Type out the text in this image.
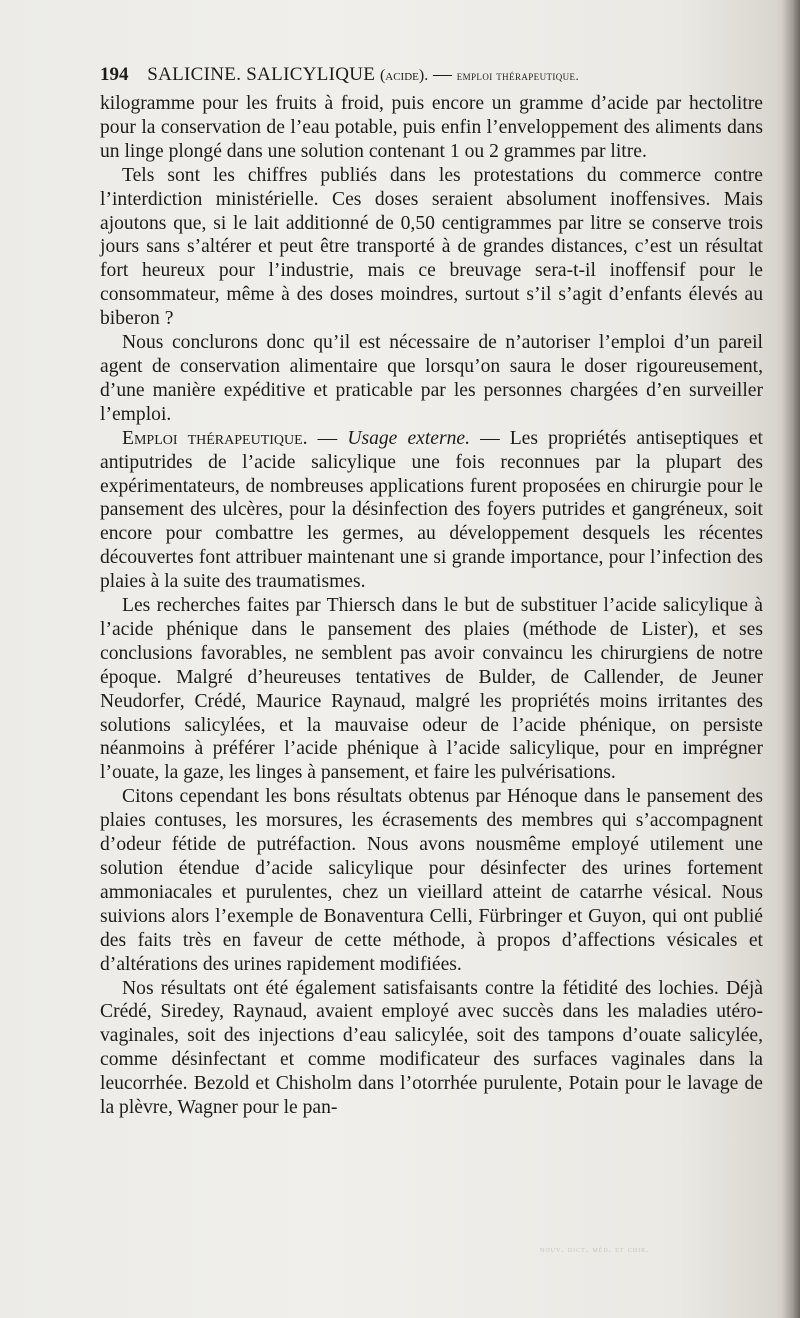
194 SALICINE. SALICYLIQUE (acide). — emploi thérapeutique.

kilogramme pour les fruits à froid, puis encore un gramme d’acide par hectolitre pour la conservation de l’eau potable, puis enfin l’enveloppement des aliments dans un linge plongé dans une solution contenant 1 ou 2 grammes par litre.

Tels sont les chiffres publiés dans les protestations du commerce contre l’interdiction ministérielle. Ces doses seraient absolument inoffensives. Mais ajoutons que, si le lait additionné de 0,50 centigrammes par litre se conserve trois jours sans s’altérer et peut être transporté à de grandes distances, c’est un résultat fort heureux pour l’industrie, mais ce breuvage sera-t-il inoffensif pour le consommateur, même à des doses moindres, surtout s’il s’agit d’enfants élevés au biberon ?

Nous conclurons donc qu’il est nécessaire de n’autoriser l’emploi d’un pareil agent de conservation alimentaire que lorsqu’on saura le doser rigoureusement, d’une manière expéditive et praticable par les personnes chargées d’en surveiller l’emploi.

Emploi thérapeutique. — Usage externe. — Les propriétés antiseptiques et antiputrides de l’acide salicylique une fois reconnues par la plupart des expérimentateurs, de nombreuses applications furent proposées en chirurgie pour le pansement des ulcères, pour la désinfection des foyers putrides et gangréneux, soit encore pour combattre les germes, au développement desquels les récentes découvertes font attribuer maintenant une si grande importance, pour l’infection des plaies à la suite des traumatismes.

Les recherches faites par Thiersch dans le but de substituer l’acide salicylique à l’acide phénique dans le pansement des plaies (méthode de Lister), et ses conclusions favorables, ne semblent pas avoir convaincu les chirurgiens de notre époque. Malgré d’heureuses tentatives de Bulder, de Callender, de Jeuner Neudorfer, Crédé, Maurice Raynaud, malgré les propriétés moins irritantes des solutions salicylées, et la mauvaise odeur de l’acide phénique, on persiste néanmoins à préférer l’acide phénique à l’acide salicylique, pour en imprégner l’ouate, la gaze, les linges à pansement, et faire les pulvérisations.

Citons cependant les bons résultats obtenus par Hénoque dans le pansement des plaies contuses, les morsures, les écrasements des membres qui s’accompagnent d’odeur fétide de putréfaction. Nous avons nousmême employé utilement une solution étendue d’acide salicylique pour désinfecter des urines fortement ammoniacales et purulentes, chez un vieillard atteint de catarrhe vésical. Nous suivions alors l’exemple de Bonaventura Celli, Fürbringer et Guyon, qui ont publié des faits très en faveur de cette méthode, à propos d’affections vésicales et d’altérations des urines rapidement modifiées.

Nos résultats ont été également satisfaisants contre la fétidité des lochies. Déjà Crédé, Siredey, Raynaud, avaient employé avec succès dans les maladies utéro-vaginales, soit des injections d’eau salicylée, soit des tampons d’ouate salicylée, comme désinfectant et comme modificateur des surfaces vaginales dans la leucorrhée. Bezold et Chisholm dans l’otorrhée purulente, Potain pour le lavage de la plèvre, Wagner pour le pan-

nouv. dict. méd. et chir.
